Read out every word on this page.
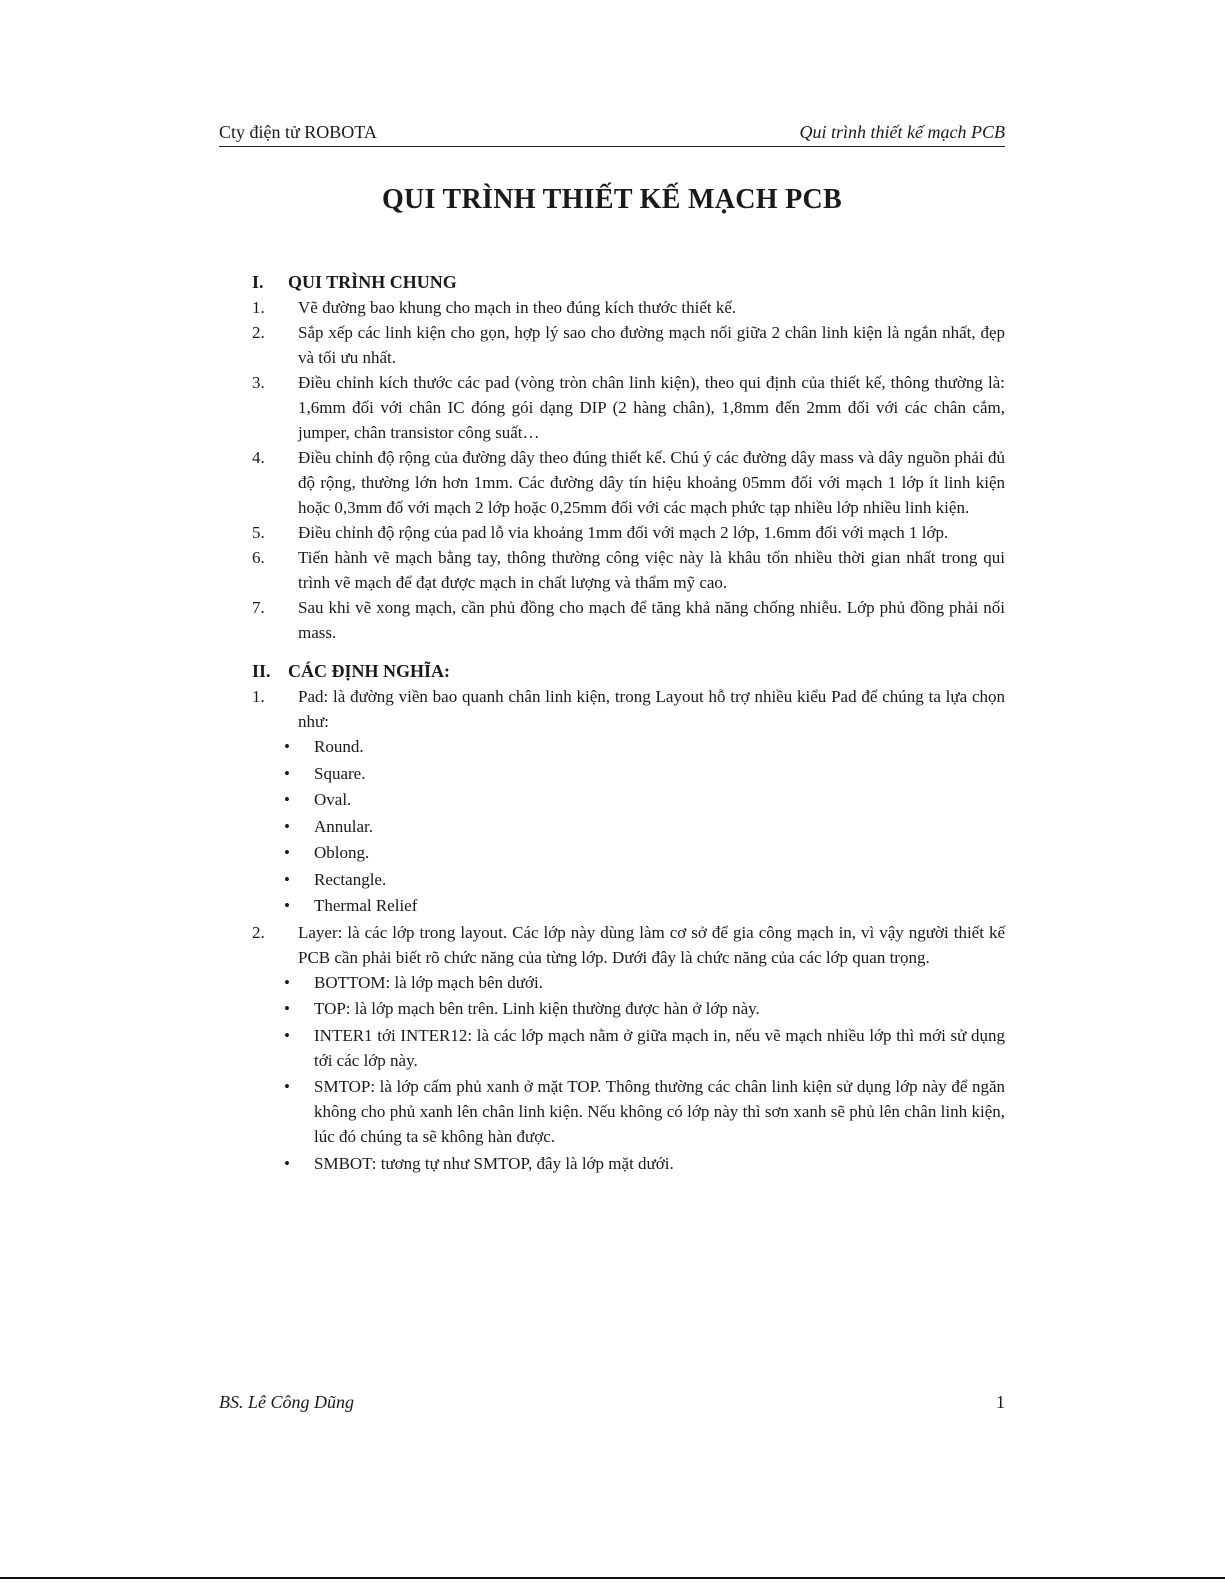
Cty điện tử ROBOTA	Qui trình thiết kế mạch PCB
QUI TRÌNH THIẾT KẾ MẠCH PCB
I. QUI TRÌNH CHUNG
1. Vẽ đường bao khung cho mạch in theo đúng kích thước thiết kế.
2. Sắp xếp các linh kiện cho gọn, hợp lý sao cho đường mạch nối giữa 2 chân linh kiện là ngắn nhất, đẹp và tối ưu nhất.
3. Điều chỉnh kích thước các pad (vòng tròn chân linh kiện), theo qui định của thiết kế, thông thường là: 1,6mm đối với chân IC đóng gói dạng DIP (2 hàng chân), 1,8mm đến 2mm đối với các chân cắm, jumper, chân transistor công suất…
4. Điều chỉnh độ rộng của đường dây theo đúng thiết kế. Chú ý các đường dây mass và dây nguồn phải đủ độ rộng, thường lớn hơn 1mm. Các đường dây tín hiệu khoảng 05mm đối với mạch 1 lớp ít linh kiện hoặc 0,3mm đố với mạch 2 lớp hoặc 0,25mm đối với các mạch phức tạp nhiều lớp nhiều linh kiện.
5. Điều chỉnh độ rộng của pad lỗ via khoảng 1mm đối với mạch 2 lớp, 1.6mm đối với mạch 1 lớp.
6. Tiến hành vẽ mạch bằng tay, thông thường công việc này là khâu tốn nhiều thời gian nhất trong qui trình vẽ mạch để đạt được mạch in chất lượng và thẩm mỹ cao.
7. Sau khi vẽ xong mạch, cần phủ đồng cho mạch để tăng khả năng chống nhiễu. Lớp phủ đồng phải nối mass.
II. CÁC ĐỊNH NGHĨA:
1. Pad: là đường viền bao quanh chân linh kiện, trong Layout hỗ trợ nhiều kiểu Pad để chúng ta lựa chọn như:
• Round.
• Square.
• Oval.
• Annular.
• Oblong.
• Rectangle.
• Thermal Relief
2. Layer: là các lớp trong layout. Các lớp này dùng làm cơ sở để gia công mạch in, vì vậy người thiết kế PCB cần phải biết rõ chức năng của từng lớp. Dưới đây là chức năng của các lớp quan trọng.
• BOTTOM: là lớp mạch bên dưới.
• TOP: là lớp mạch bên trên. Linh kiện thường được hàn ở lớp này.
• INTER1 tới INTER12: là các lớp mạch nằm ở giữa mạch in, nếu vẽ mạch nhiều lớp thì mới sử dụng tới các lớp này.
• SMTOP: là lớp cấm phủ xanh ở mặt TOP. Thông thường các chân linh kiện sử dụng lớp này để ngăn không cho phủ xanh lên chân linh kiện. Nếu không có lớp này thì sơn xanh sẽ phủ lên chân linh kiện, lúc đó chúng ta sẽ không hàn được.
• SMBOT: tương tự như SMTOP, đây là lớp mặt dưới.
BS. Lê Công Dũng	1
